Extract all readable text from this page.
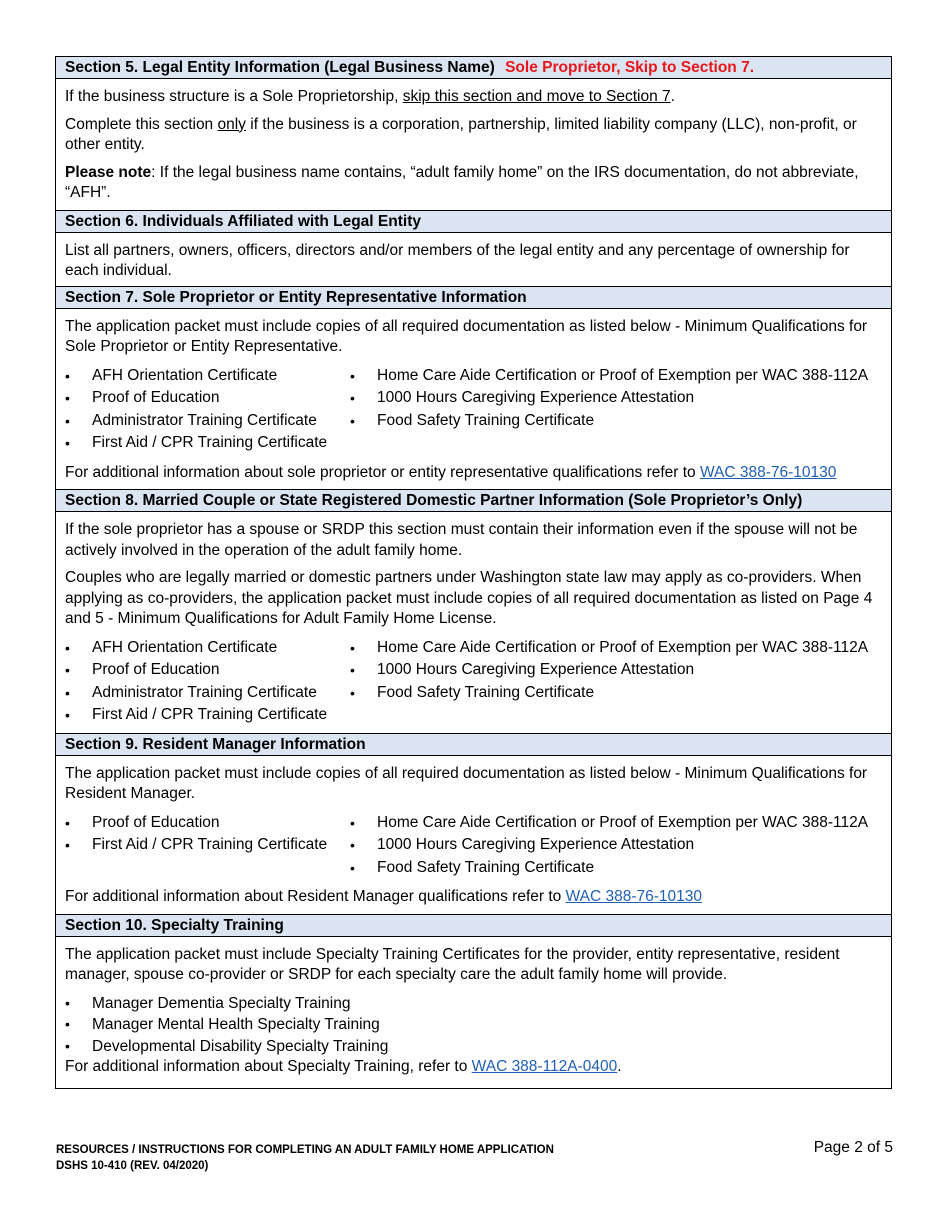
Section 5. Legal Entity Information (Legal Business Name) Sole Proprietor, Skip to Section 7.

If the business structure is a Sole Proprietorship, skip this section and move to Section 7.

Complete this section only if the business is a corporation, partnership, limited liability company (LLC), non-profit, or other entity.

Please note: If the legal business name contains, “adult family home” on the IRS documentation, do not abbreviate, “AFH”.

Section 6. Individuals Affiliated with Legal Entity

List all partners, owners, officers, directors and/or members of the legal entity and any percentage of ownership for each individual.

Section 7. Sole Proprietor or Entity Representative Information

The application packet must include copies of all required documentation as listed below - Minimum Qualifications for Sole Proprietor or Entity Representative.

• AFH Orientation Certificate
• Proof of Education
• Administrator Training Certificate
• First Aid / CPR Training Certificate
• Home Care Aide Certification or Proof of Exemption per WAC 388-112A
• 1000 Hours Caregiving Experience Attestation
• Food Safety Training Certificate

For additional information about sole proprietor or entity representative qualifications refer to WAC 388-76-10130

Section 8. Married Couple or State Registered Domestic Partner Information (Sole Proprietor’s Only)

If the sole proprietor has a spouse or SRDP this section must contain their information even if the spouse will not be actively involved in the operation of the adult family home.

Couples who are legally married or domestic partners under Washington state law may apply as co-providers. When applying as co-providers, the application packet must include copies of all required documentation as listed on Page 4 and 5 - Minimum Qualifications for Adult Family Home License.

• AFH Orientation Certificate
• Proof of Education
• Administrator Training Certificate
• First Aid / CPR Training Certificate
• Home Care Aide Certification or Proof of Exemption per WAC 388-112A
• 1000 Hours Caregiving Experience Attestation
• Food Safety Training Certificate
Section 9. Resident Manager Information

The application packet must include copies of all required documentation as listed below - Minimum Qualifications for Resident Manager.

• Proof of Education
• First Aid / CPR Training Certificate
• Home Care Aide Certification or Proof of Exemption per WAC 388-112A
• 1000 Hours Caregiving Experience Attestation
• Food Safety Training Certificate

For additional information about Resident Manager qualifications refer to WAC 388-76-10130

Section 10. Specialty Training

The application packet must include Specialty Training Certificates for the provider, entity representative, resident manager, spouse co-provider or SRDP for each specialty care the adult family home will provide.

• Manager Dementia Specialty Training
• Manager Mental Health Specialty Training
• Developmental Disability Specialty Training

For additional information about Specialty Training, refer to WAC 388-112A-0400.

RESOURCES / INSTRUCTIONS FOR COMPLETING AN ADULT FAMILY HOME APPLICATION
DSHS 10-410 (REV. 04/2020)
Page 2 of 5
